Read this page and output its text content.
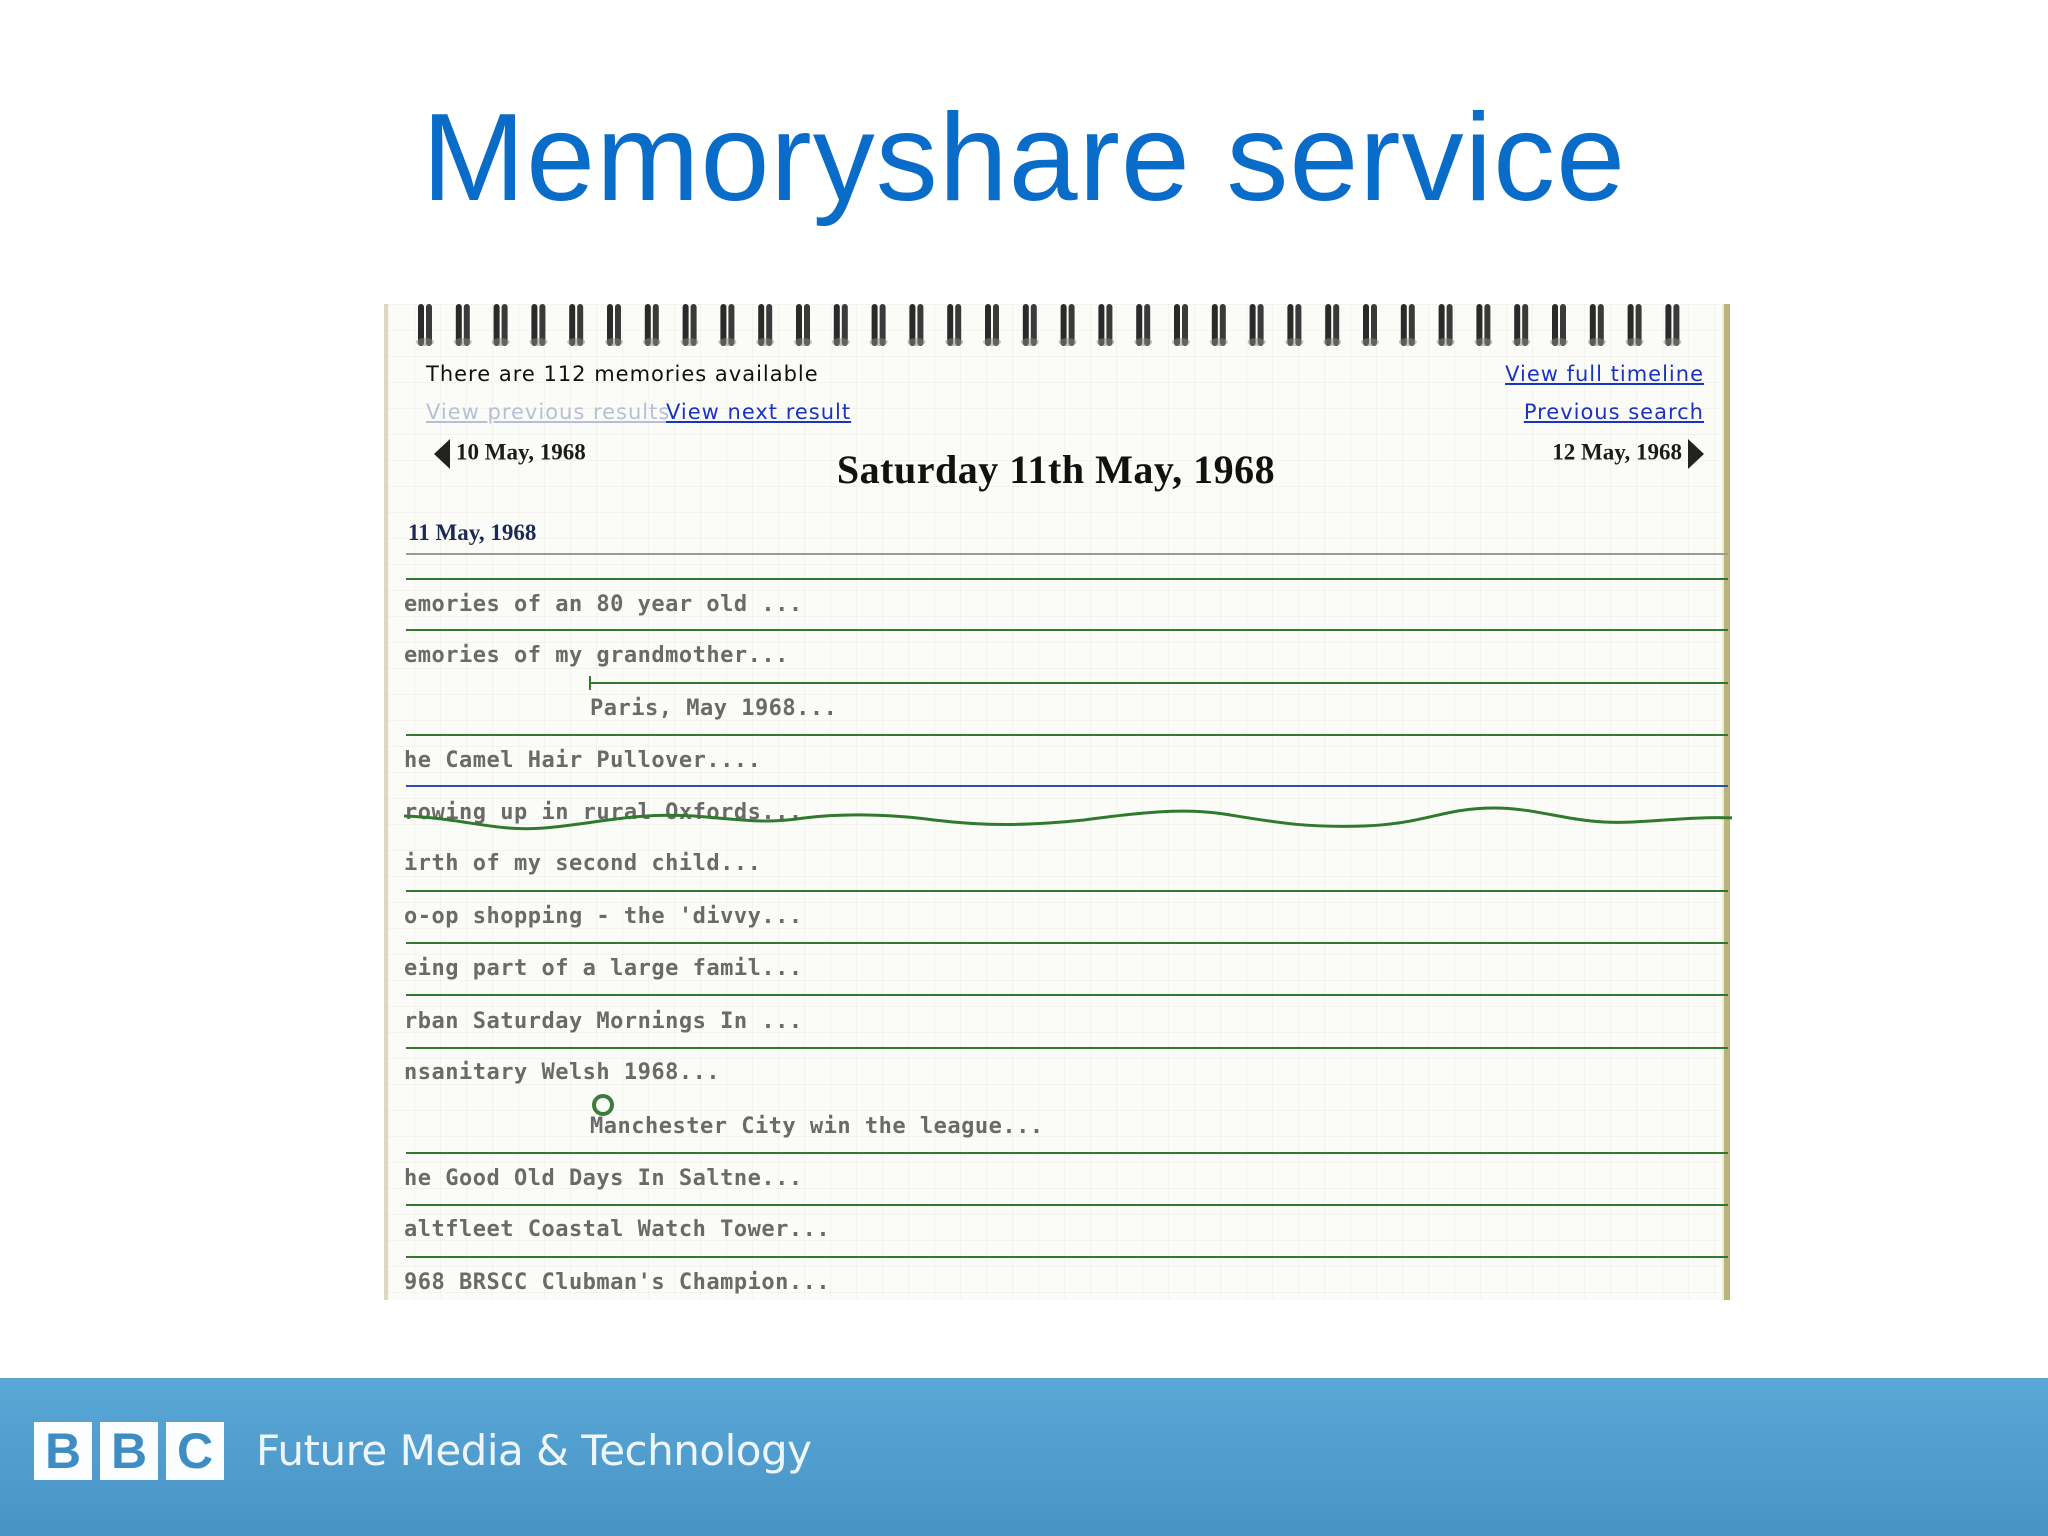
Memoryshare service
There are 112 memories available	View full timeline
View previous results
View next result	Previous search
10 May, 1968	Saturday 11th May, 1968	12 May, 1968
11 May, 1968
emories of an 80 year old ...
emories of my grandmother...
Paris, May 1968...
he Camel Hair Pullover....
rowing up in rural Oxfords...
irth of my second child...
o-op shopping - the 'divvy...
eing part of a large famil...
rban Saturday Mornings In ...
nsanitary Welsh 1968...
Manchester City win the league...
he Good Old Days In Saltne...
altfleet Coastal Watch Tower...
968 BRSCC Clubman's Champion...
B B C Future Media & Technology
